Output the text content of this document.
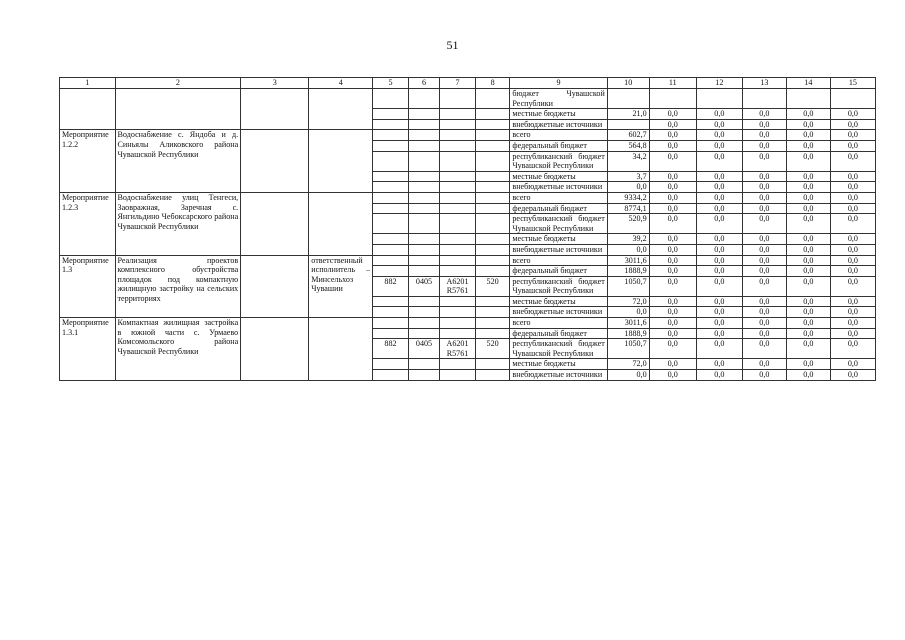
51
1	2	3	4	5	6	7	8	9	10	11	12	13	14	15
								бюджет Чувашской Республики						
								местные бюджеты	21,0	0,0	0,0	0,0	0,0	0,0
								внебюджетные источники		0,0	0,0	0,0	0,0	0,0
Мероприятие 1.2.2	Водоснабжение с. Яндоба и д. Синьялы Аликовского района Чувашской Республики							всего	602,7	0,0	0,0	0,0	0,0	0,0
								федеральный бюджет	564,8	0,0	0,0	0,0	0,0	0,0
								республиканский бюджет Чувашской Республики	34,2	0,0	0,0	0,0	0,0	0,0
								местные бюджеты	3,7	0,0	0,0	0,0	0,0	0,0
								внебюджетные источники	0,0	0,0	0,0	0,0	0,0	0,0
Мероприятие 1.2.3	Водоснабжение улиц Тенгеси, Заовражная, Заречная с. Янгильдино Чебоксарского района Чувашской Республики							всего	9334,2	0,0	0,0	0,0	0,0	0,0
								федеральный бюджет	8774,1	0,0	0,0	0,0	0,0	0,0
								республиканский бюджет Чувашской Республики	520,9	0,0	0,0	0,0	0,0	0,0
								местные бюджеты	39,2	0,0	0,0	0,0	0,0	0,0
								внебюджетные источники	0,0	0,0	0,0	0,0	0,0	0,0
Мероприятие 1.3	Реализация проектов комплексного обустройства площадок под компактную жилищную застройку на сельских территориях		ответственный исполнитель – Минсельхоз Чувашии					всего	3011,6	0,0	0,0	0,0	0,0	0,0
								федеральный бюджет	1888,9	0,0	0,0	0,0	0,0	0,0
				882	0405	А6201 R5761	520	республиканский бюджет Чувашской Республики	1050,7	0,0	0,0	0,0	0,0	0,0
								местные бюджеты	72,0	0,0	0,0	0,0	0,0	0,0
								внебюджетные источники	0,0	0,0	0,0	0,0	0,0	0,0
Мероприятие 1.3.1	Компактная жилищная застройка в южной части с. Урмаево Комсомольского района Чувашской Республики							всего	3011,6	0,0	0,0	0,0	0,0	0,0
								федеральный бюджет	1888,9	0,0	0,0	0,0	0,0	0,0
				882	0405	А6201 R5761	520	республиканский бюджет Чувашской Республики	1050,7	0,0	0,0	0,0	0,0	0,0
								местные бюджеты	72,0	0,0	0,0	0,0	0,0	0,0
								внебюджетные источники	0,0	0,0	0,0	0,0	0,0	0,0
